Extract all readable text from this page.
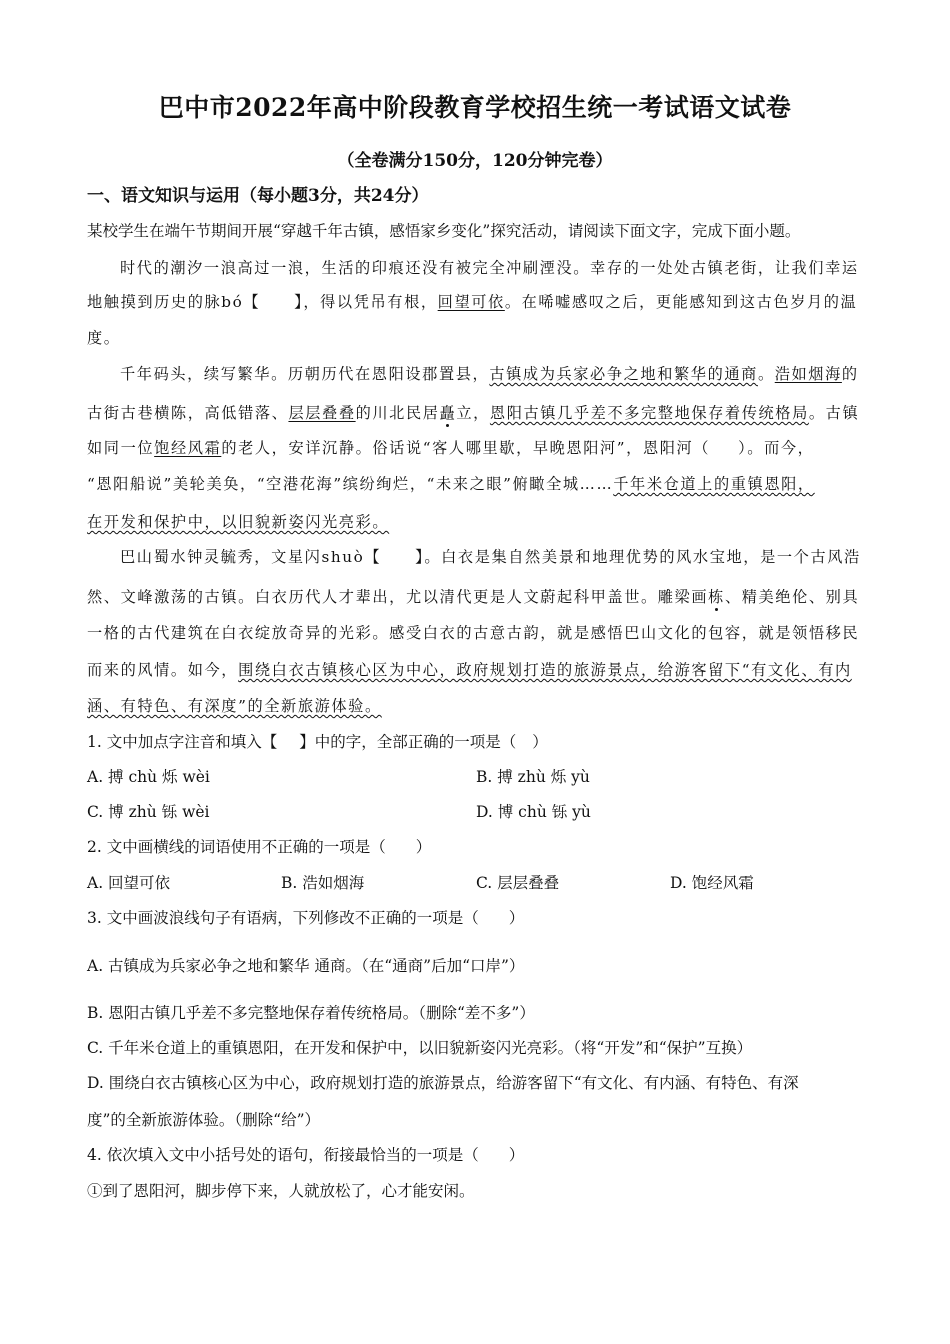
巴中市2022年高中阶段教育学校招生统一考试语文试卷
（全卷满分150分，120分钟完卷）
一、语文知识与运用（每小题3分，共24分）
某校学生在端午节期间开展“穿越千年古镇，感悟家乡变化”探究活动，请阅读下面文字，完成下面小题。
时代的潮汐一浪高过一浪，生活的印痕还没有被完全冲刷湮没。幸存的一处处古镇老街，让我们幸运
地触摸到历史的脉bó【 】，得以凭吊有根，回望可依。在唏嘘感叹之后，更能感知到这古色岁月的温
度。
千年码头，续写繁华。历朝历代在恩阳设郡置县，古镇成为兵家必争之地和繁华的通商。浩如烟海的
古街古巷横陈，高低错落、层层叠叠的川北民居矗立，恩阳古镇几乎差不多完整地保存着传统格局。古镇
如同一位饱经风霜的老人，安详沉静。俗话说“客人哪里歇，早晚恩阳河”，恩阳河（ ）。而今，
“恩阳船说”美轮美奂，“空港花海”缤纷绚烂，“未来之眼”俯瞰全城……千年米仓道上的重镇恩阳，
在开发和保护中，以旧貌新姿闪光亮彩。
巴山蜀水钟灵毓秀，文星闪shuò【 】。白衣是集自然美景和地理优势的风水宝地，是一个古风浩
然、文峰激荡的古镇。白衣历代人才辈出，尤以清代更是人文蔚起科甲盖世。雕梁画栋、精美绝伦、别具
一格的古代建筑在白衣绽放奇异的光彩。感受白衣的古意古韵，就是感悟巴山文化的包容，就是领悟移民
而来的风情。如今，围绕白衣古镇核心区为中心，政府规划打造的旅游景点，给游客留下“有文化、有内
涵、有特色、有深度”的全新旅游体验。
1. 文中加点字注音和填入【 】中的字，全部正确的一项是（ ）
A. 搏 chù 烁 wèi	B. 搏 zhù 烁 yù
C. 博 zhù 铄 wèi	D. 博 chù 铄 yù
2. 文中画横线的词语使用不正确的一项是（ ）
A. 回望可依	B. 浩如烟海	C. 层层叠叠	D. 饱经风霜
3. 文中画波浪线句子有语病，下列修改不正确的一项是（ ）
A. 古镇成为兵家必争之地和繁华 通商。（在“通商”后加“口岸”）
B. 恩阳古镇几乎差不多完整地保存着传统格局。（删除“差不多”）
C. 千年米仓道上的重镇恩阳，在开发和保护中，以旧貌新姿闪光亮彩。（将“开发”和“保护”互换）
D. 围绕白衣古镇核心区为中心，政府规划打造的旅游景点，给游客留下“有文化、有内涵、有特色、有深
度”的全新旅游体验。（删除“给”）
4. 依次填入文中小括号处的语句，衔接最恰当的一项是（ ）
①到了恩阳河，脚步停下来，人就放松了，心才能安闲。
